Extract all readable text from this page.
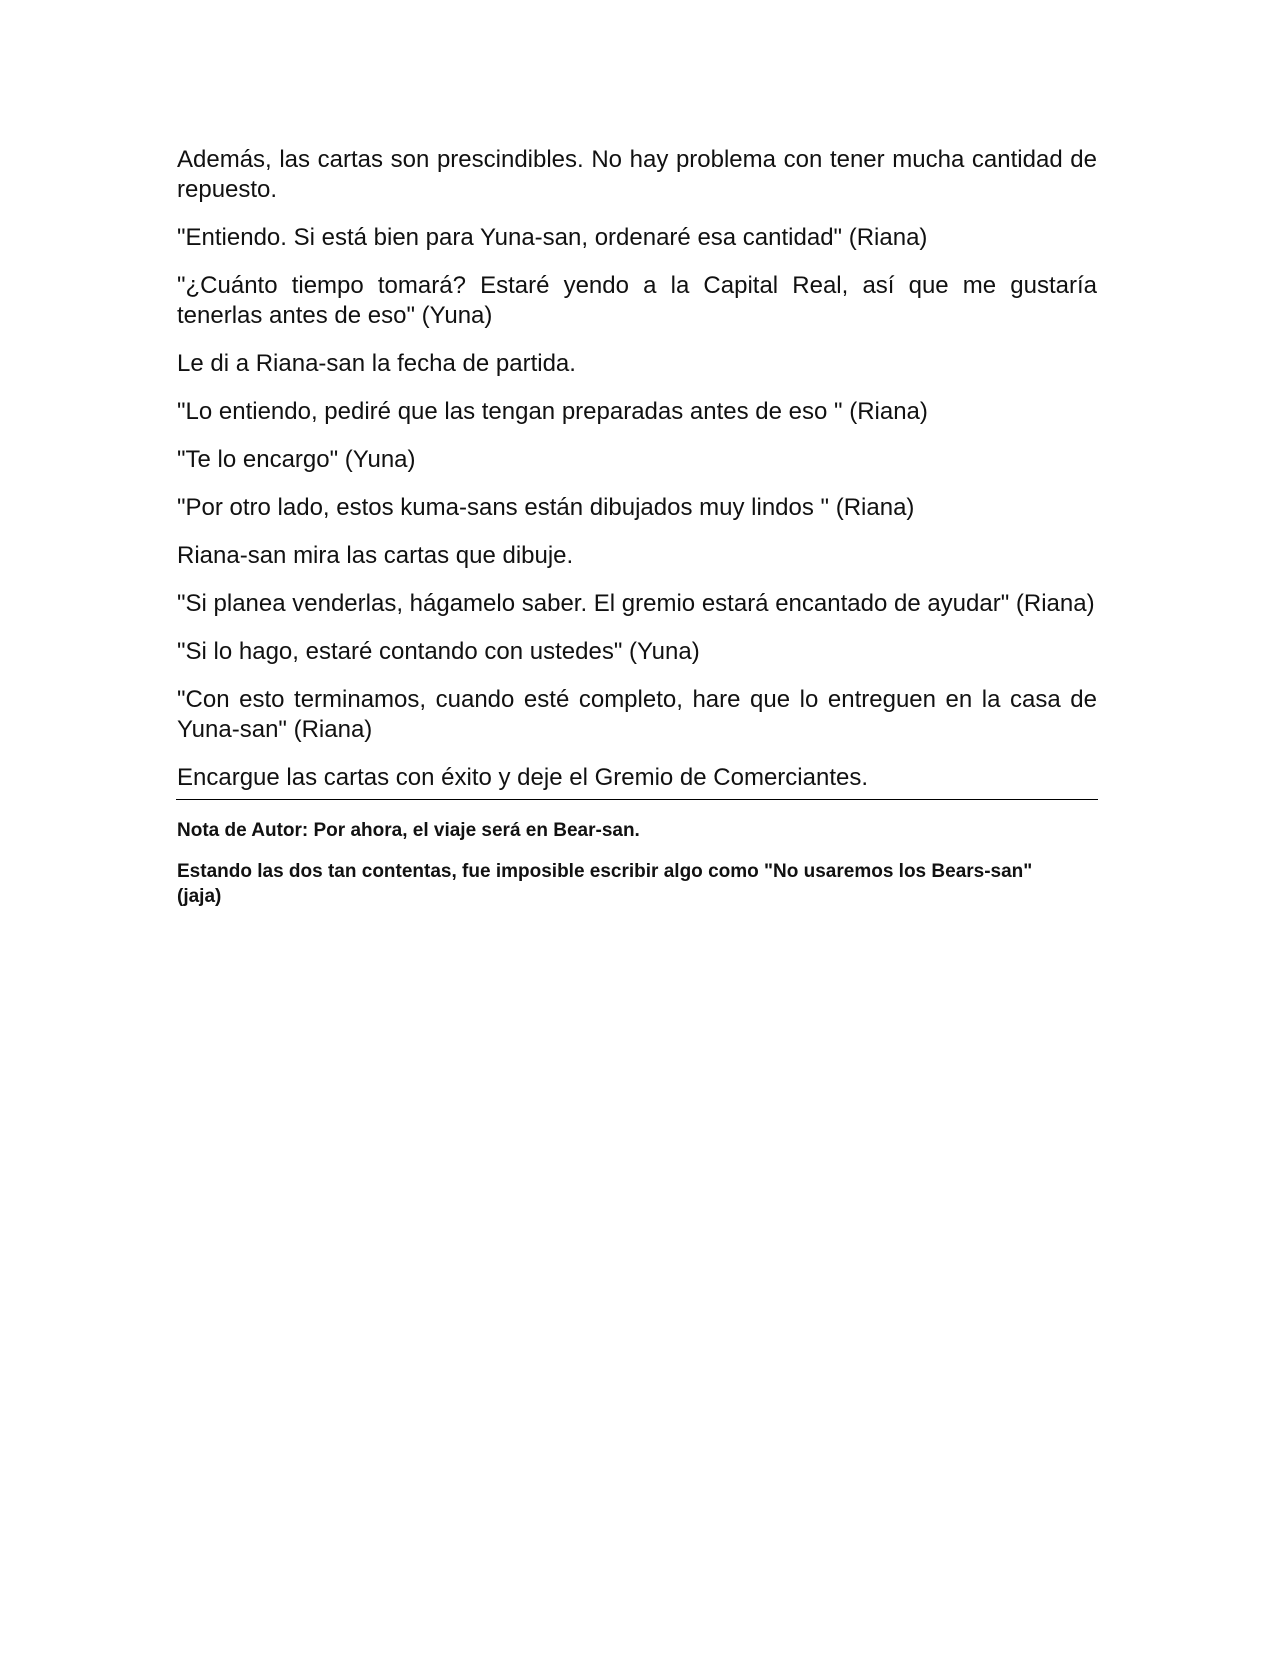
Además, las cartas son prescindibles. No hay problema con tener mucha cantidad de repuesto.

"Entiendo. Si está bien para Yuna-san, ordenaré esa cantidad" (Riana)

"¿Cuánto tiempo tomará? Estaré yendo a la Capital Real, así que me gustaría tenerlas antes de eso" (Yuna)

Le di a Riana-san la fecha de partida.

"Lo entiendo, pediré que las tengan preparadas antes de eso " (Riana)

"Te lo encargo" (Yuna)

"Por otro lado, estos kuma-sans están dibujados muy lindos " (Riana)

Riana-san mira las cartas que dibuje.

"Si planea venderlas, hágamelo saber. El gremio estará encantado de ayudar" (Riana)

"Si lo hago, estaré contando con ustedes" (Yuna)

"Con esto terminamos, cuando esté completo, hare que lo entreguen en la casa de Yuna-san" (Riana)

Encargue las cartas con éxito y deje el Gremio de Comerciantes.

Nota de Autor: Por ahora, el viaje será en Bear-san.

Estando las dos tan contentas, fue imposible escribir algo como "No usaremos los Bears-san" (jaja)
